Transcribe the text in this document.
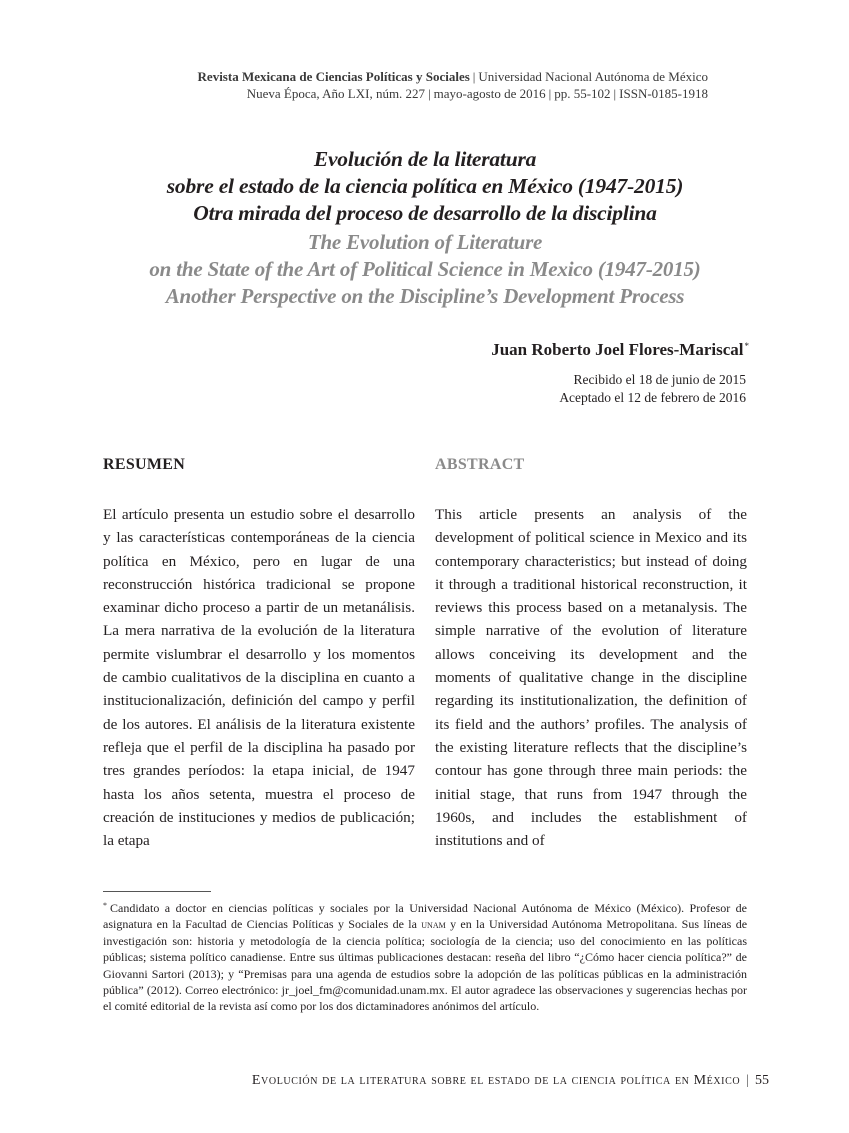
Revista Mexicana de Ciencias Políticas y Sociales | Universidad Nacional Autónoma de México
Nueva Época, Año LXI, núm. 227 | mayo-agosto de 2016 | pp. 55-102 | ISSN-0185-1918
Evolución de la literatura
sobre el estado de la ciencia política en México (1947-2015)
Otra mirada del proceso de desarrollo de la disciplina
The Evolution of Literature
on the State of the Art of Political Science in Mexico (1947-2015)
Another Perspective on the Discipline’s Development Process
Juan Roberto Joel Flores-Mariscal*
Recibido el 18 de junio de 2015
Aceptado el 12 de febrero de 2016
RESUMEN
El artículo presenta un estudio sobre el desarrollo y las características contemporáneas de la ciencia política en México, pero en lugar de una reconstrucción histórica tradicional se propone examinar dicho proceso a partir de un metanálisis. La mera narrativa de la evolución de la literatura permite vislumbrar el desarrollo y los momentos de cambio cualitativos de la disciplina en cuanto a institucionalización, definición del campo y perfil de los autores. El análisis de la literatura existente refleja que el perfil de la disciplina ha pasado por tres grandes períodos: la etapa inicial, de 1947 hasta los años setenta, muestra el proceso de creación de instituciones y medios de publicación; la etapa
ABSTRACT
This article presents an analysis of the development of political science in Mexico and its contemporary characteristics; but instead of doing it through a traditional historical reconstruction, it reviews this process based on a metanalysis. The simple narrative of the evolution of literature allows conceiving its development and the moments of qualitative change in the discipline regarding its institutionalization, the definition of its field and the authors’ profiles. The analysis of the existing literature reflects that the discipline’s contour has gone through three main periods: the initial stage, that runs from 1947 through the 1960s, and includes the establishment of institutions and of
* Candidato a doctor en ciencias políticas y sociales por la Universidad Nacional Autónoma de México (México). Profesor de asignatura en la Facultad de Ciencias Políticas y Sociales de la unam y en la Universidad Autónoma Metropolitana. Sus líneas de investigación son: historia y metodología de la ciencia política; sociología de la ciencia; uso del conocimiento en las políticas públicas; sistema político canadiense. Entre sus últimas publicaciones destacan: reseña del libro “¿Cómo hacer ciencia política?” de Giovanni Sartori (2013); y “Premisas para una agenda de estudios sobre la adopción de las políticas públicas en la administración pública” (2012). Correo electrónico: jr_joel_fm@comunidad.unam.mx. El autor agradece las observaciones y sugerencias hechas por el comité editorial de la revista así como por los dos dictaminadores anónimos del artículo.
Evolución de la literatura sobre el estado de la ciencia política en México | 55
